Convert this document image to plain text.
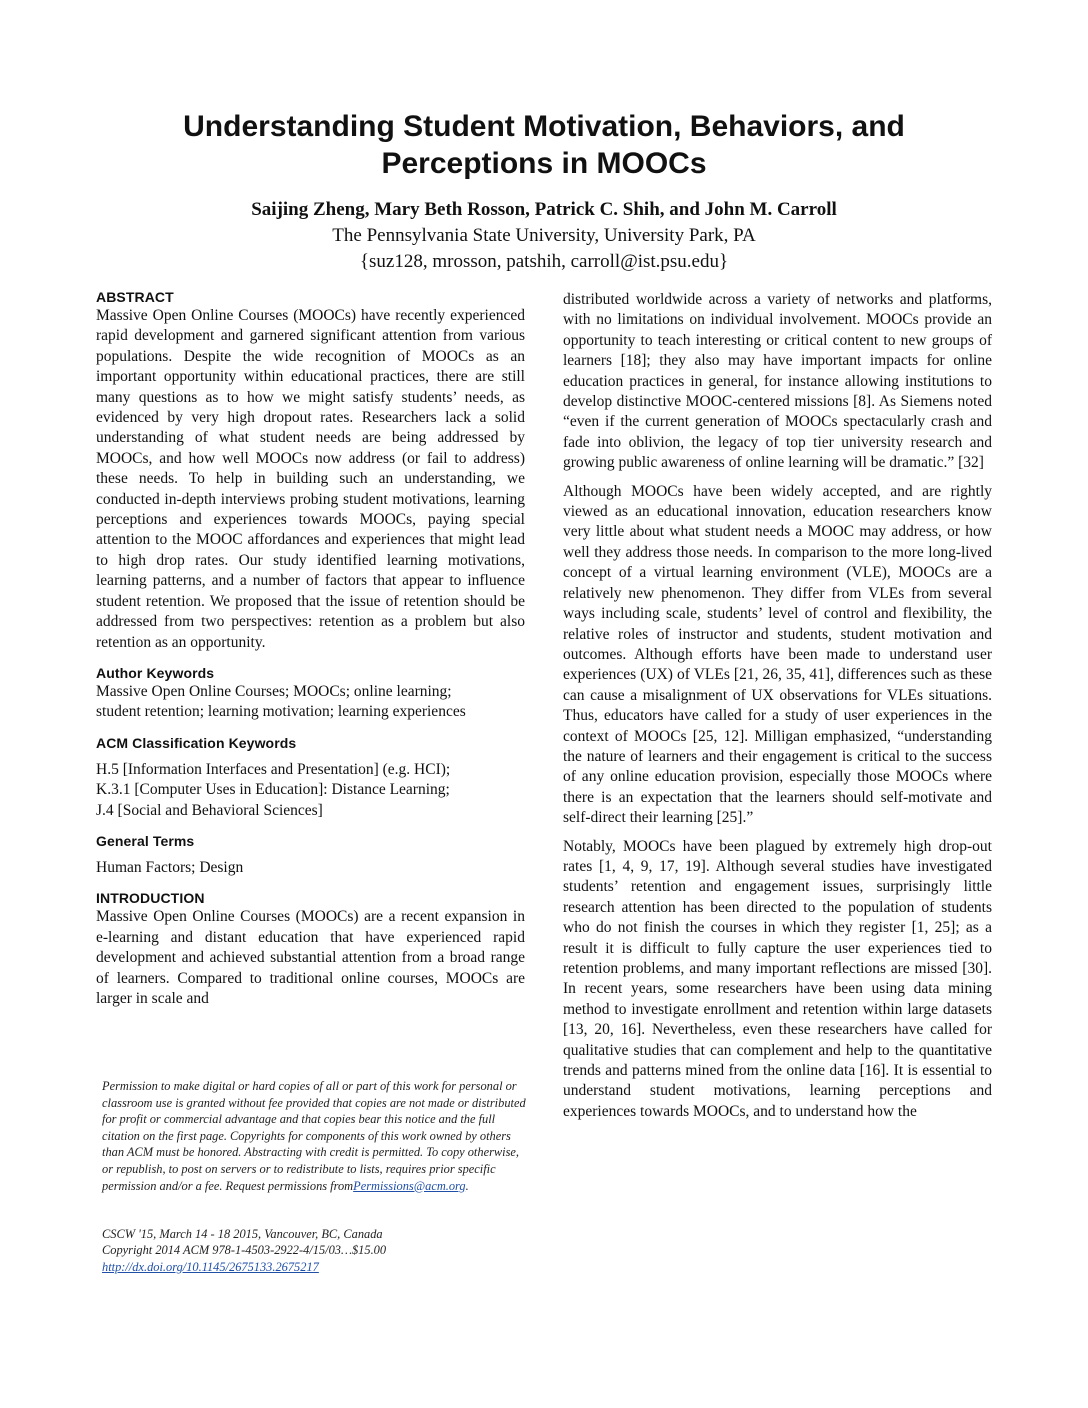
Understanding Student Motivation, Behaviors, and
Perceptions in MOOCs

Saijing Zheng, Mary Beth Rosson, Patrick C. Shih, and John M. Carroll

The Pennsylvania State University, University Park, PA

{suz128, mrosson, patshih, carroll@ist.psu.edu}

ABSTRACT

Massive Open Online Courses (MOOCs) have recently experienced rapid development and garnered significant attention from various populations. Despite the wide recognition of MOOCs as an important opportunity within educational practices, there are still many questions as to how we might satisfy students’ needs, as evidenced by very high dropout rates. Researchers lack a solid understanding of what student needs are being addressed by MOOCs, and how well MOOCs now address (or fail to address) these needs. To help in building such an understanding, we conducted in-depth interviews probing student motivations, learning perceptions and experiences towards MOOCs, paying special attention to the MOOC affordances and experiences that might lead to high drop rates. Our study identified learning motivations, learning patterns, and a number of factors that appear to influence student retention. We proposed that the issue of retention should be addressed from two perspectives: retention as a problem but also retention as an opportunity.

Author Keywords

Massive Open Online Courses; MOOCs; online learning;
student retention; learning motivation; learning experiences

ACM Classification Keywords

H.5 [Information Interfaces and Presentation] (e.g. HCI);
K.3.1 [Computer Uses in Education]: Distance Learning;
J.4 [Social and Behavioral Sciences]

General Terms

Human Factors; Design

INTRODUCTION

Massive Open Online Courses (MOOCs) are a recent expansion in e-learning and distant education that have experienced rapid development and achieved substantial attention from a broad range of learners. Compared to traditional online courses, MOOCs are larger in scale and

Permission to make digital or hard copies of all or part of this work for personal or classroom use is granted without fee provided that copies are not made or distributed for profit or commercial advantage and that copies bear this notice and the full citation on the first page. Copyrights for components of this work owned by others than ACM must be honored. Abstracting with credit is permitted. To copy otherwise, or republish, to post on servers or to redistribute to lists, requires prior specific permission and/or a fee. Request permissions fromPermissions@acm.org.

CSCW '15, March 14 - 18 2015, Vancouver, BC, Canada
Copyright 2014 ACM 978-1-4503-2922-4/15/03…$15.00
http://dx.doi.org/10.1145/2675133.2675217

distributed worldwide across a variety of networks and platforms, with no limitations on individual involvement. MOOCs provide an opportunity to teach interesting or critical content to new groups of learners [18]; they also may have important impacts for online education practices in general, for instance allowing institutions to develop distinctive MOOC-centered missions [8]. As Siemens noted “even if the current generation of MOOCs spectacularly crash and fade into oblivion, the legacy of top tier university research and growing public awareness of online learning will be dramatic.” [32]

Although MOOCs have been widely accepted, and are rightly viewed as an educational innovation, education researchers know very little about what student needs a MOOC may address, or how well they address those needs. In comparison to the more long-lived concept of a virtual learning environment (VLE), MOOCs are a relatively new phenomenon. They differ from VLEs from several ways including scale, students’ level of control and flexibility, the relative roles of instructor and students, student motivation and outcomes. Although efforts have been made to understand user experiences (UX) of VLEs [21, 26, 35, 41], differences such as these can cause a misalignment of UX observations for VLEs situations. Thus, educators have called for a study of user experiences in the context of MOOCs [25, 12]. Milligan emphasized, “understanding the nature of learners and their engagement is critical to the success of any online education provision, especially those MOOCs where there is an expectation that the learners should self-motivate and self-direct their learning [25].”

Notably, MOOCs have been plagued by extremely high drop-out rates [1, 4, 9, 17, 19]. Although several studies have investigated students’ retention and engagement issues, surprisingly little research attention has been directed to the population of students who do not finish the courses in which they register [1, 25]; as a result it is difficult to fully capture the user experiences tied to retention problems, and many important reflections are missed [30]. In recent years, some researchers have been using data mining method to investigate enrollment and retention within large datasets [13, 20, 16]. Nevertheless, even these researchers have called for qualitative studies that can complement and help to the quantitative trends and patterns mined from the online data [16]. It is essential to understand student motivations, learning perceptions and experiences towards MOOCs, and to understand how the
